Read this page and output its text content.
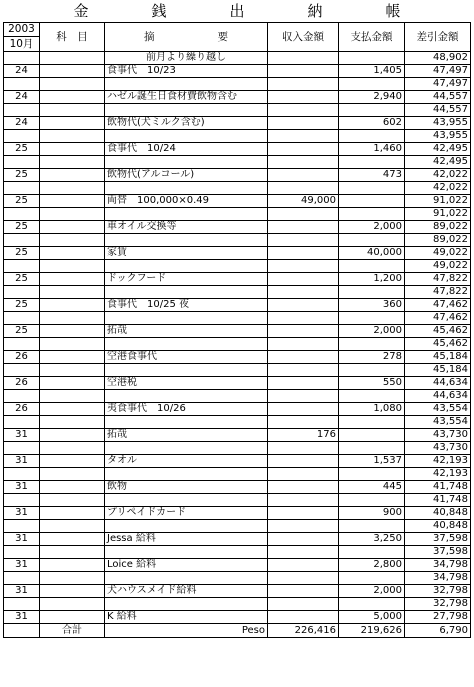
金　銭　出　納　帳
2003	科　目	摘　　　　　　要	収入金額	支払金額	差引金額
10月					
		前月より繰り越し			48,902
24		食事代　10/23		1,405	47,497
					47,497
24		ハゼル誕生日食材費飲物含む		2,940	44,557
					44,557
24		飲物代(犬ミルク含む)		602	43,955
					43,955
25		食事代　10/24		1,460	42,495
					42,495
25		飲物代(アルコール)		473	42,022
					42,022
25		両替　100,000×0.49	49,000		91,022
					91,022
25		車オイル交換等		2,000	89,022
					89,022
25		家賃		40,000	49,022
					49,022
25		ドックフード		1,200	47,822
					47,822
25		食事代　10/25 夜		360	47,462
					47,462
25		拓哉		2,000	45,462
					45,462
26		空港食事代		278	45,184
					45,184
26		空港税		550	44,634
					44,634
26		夷食事代　10/26		1,080	43,554
					43,554
31		拓哉	176		43,730
					43,730
31		タオル		1,537	42,193
					42,193
31		飲物		445	41,748
					41,748
31		プリペイドカード		900	40,848
					40,848
31		Jessa 給料		3,250	37,598
					37,598
31		Loice 給料		2,800	34,798
					34,798
31		犬ハウスメイド給料		2,000	32,798
					32,798
31		K 給料		5,000	27,798
	合計	Peso	226,416	219,626	6,790
